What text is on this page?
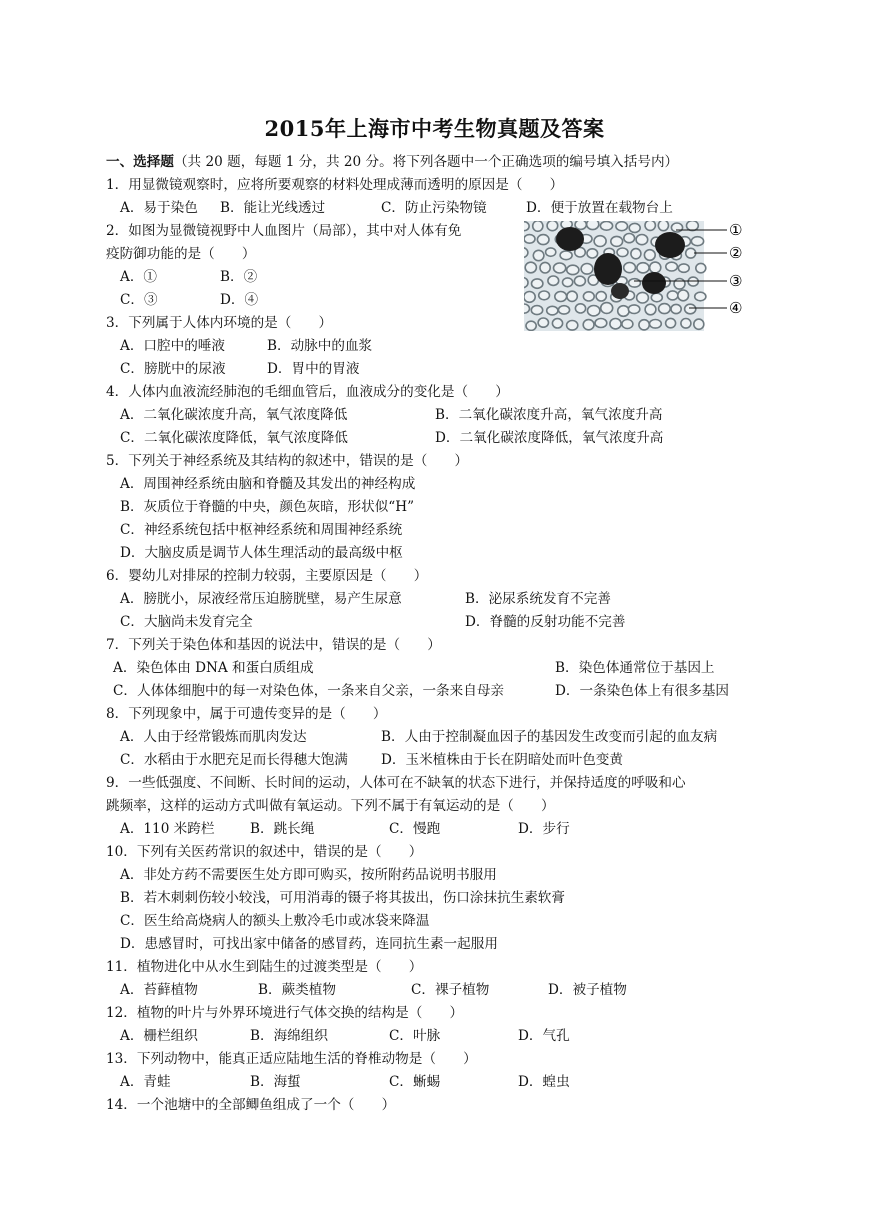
2015年上海市中考生物真题及答案
一、选择题（共 20 题，每题 1 分，共 20 分。将下列各题中一个正确选项的编号填入括号内）
1．用显微镜观察时，应将所要观察的材料处理成薄而透明的原因是（　　）
A．易于染色 B．能让光线透过	C．防止污染物镜	D．便于放置在载物台上
2．如图为显微镜视野中人血图片（局部），其中对人体有免
疫防御功能的是（　　）
A．①	B．②
C．③	D．④
①
②
③
④
3．下列属于人体内环境的是（　　）
A．口腔中的唾液	B．动脉中的血浆
C．膀胱中的尿液	D．胃中的胃液
4．人体内血液流经肺泡的毛细血管后，血液成分的变化是（　　）
A．二氧化碳浓度升高，氧气浓度降低	B．二氧化碳浓度升高，氧气浓度升高
C．二氧化碳浓度降低，氧气浓度降低	D．二氧化碳浓度降低，氧气浓度升高
5．下列关于神经系统及其结构的叙述中，错误的是（　　）
A．周围神经系统由脑和脊髓及其发出的神经构成
B．灰质位于脊髓的中央，颜色灰暗，形状似“H”
C．神经系统包括中枢神经系统和周围神经系统
D．大脑皮质是调节人体生理活动的最高级中枢
6．婴幼儿对排尿的控制力较弱，主要原因是（　　）
A．膀胱小，尿液经常压迫膀胱壁，易产生尿意	B．泌尿系统发育不完善
C．大脑尚未发育完全	D．脊髓的反射功能不完善
7．下列关于染色体和基因的说法中，错误的是（　　）
A．染色体由 DNA 和蛋白质组成	B．染色体通常位于基因上
C．人体体细胞中的每一对染色体，一条来自父亲，一条来自母亲	D．一条染色体上有很多基因
8．下列现象中，属于可遗传变异的是（　　）
A．人由于经常锻炼而肌肉发达	B．人由于控制凝血因子的基因发生改变而引起的血友病
C．水稻由于水肥充足而长得穗大饱满 D．玉米植株由于长在阴暗处而叶色变黄
9．一些低强度、不间断、长时间的运动，人体可在不缺氧的状态下进行，并保持适度的呼吸和心
跳频率，这样的运动方式叫做有氧运动。下列不属于有氧运动的是（　　）
A．110 米跨栏	B．跳长绳	C．慢跑	D．步行
10．下列有关医药常识的叙述中，错误的是（　　）
A．非处方药不需要医生处方即可购买，按所附药品说明书服用
B．若木刺刺伤较小较浅，可用消毒的镊子将其拔出，伤口涂抹抗生素软膏
C．医生给高烧病人的额头上敷冷毛巾或冰袋来降温
D．患感冒时，可找出家中储备的感冒药，连同抗生素一起服用
11．植物进化中从水生到陆生的过渡类型是（　　）
A．苔藓植物	B．蕨类植物	C．裸子植物	D．被子植物
12．植物的叶片与外界环境进行气体交换的结构是（　　）
A．栅栏组织	B．海绵组织	C．叶脉	D．气孔
13．下列动物中，能真正适应陆地生活的脊椎动物是（　　）
A．青蛙	B．海蜇	C．蜥蜴	D．蝗虫
14．一个池塘中的全部鲫鱼组成了一个（　　）
